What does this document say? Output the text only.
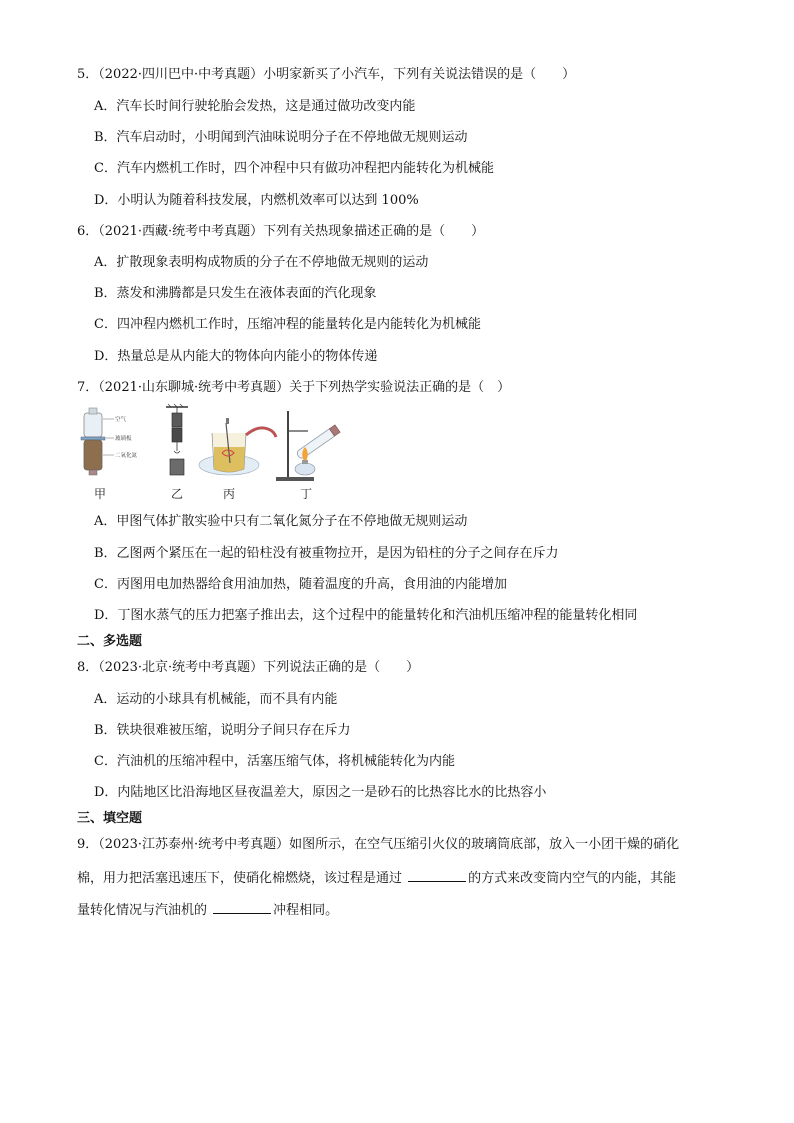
5．（2022·四川巴中·中考真题）小明家新买了小汽车，下列有关说法错误的是（　　）
A．汽车长时间行驶轮胎会发热，这是通过做功改变内能
B．汽车启动时，小明闻到汽油味说明分子在不停地做无规则运动
C．汽车内燃机工作时，四个冲程中只有做功冲程把内能转化为机械能
D．小明认为随着科技发展，内燃机效率可以达到 100%
6．（2021·西藏·统考中考真题）下列有关热现象描述正确的是（　　）
A．扩散现象表明构成物质的分子在不停地做无规则的运动
B．蒸发和沸腾都是只发生在液体表面的汽化现象
C．四冲程内燃机工作时，压缩冲程的能量转化是内能转化为机械能
D．热量总是从内能大的物体向内能小的物体传递
7．（2021·山东聊城·统考中考真题）关于下列热学实验说法正确的是（　）
空气
玻璃板
二氧化氮
甲	乙	丙	丁
A．甲图气体扩散实验中只有二氧化氮分子在不停地做无规则运动
B．乙图两个紧压在一起的铅柱没有被重物拉开，是因为铅柱的分子之间存在斥力
C．丙图用电加热器给食用油加热，随着温度的升高，食用油的内能增加
D．丁图水蒸气的压力把塞子推出去，这个过程中的能量转化和汽油机压缩冲程的能量转化相同
二、多选题
8．（2023·北京·统考中考真题）下列说法正确的是（　　）
A．运动的小球具有机械能，而不具有内能
B．铁块很难被压缩，说明分子间只存在斥力
C．汽油机的压缩冲程中，活塞压缩气体，将机械能转化为内能
D．内陆地区比沿海地区昼夜温差大，原因之一是砂石的比热容比水的比热容小
三、填空题
9．（2023·江苏泰州·统考中考真题）如图所示，在空气压缩引火仪的玻璃筒底部，放入一小团干燥的硝化
棉，用力把活塞迅速压下，使硝化棉燃烧，该过程是通过	的方式来改变筒内空气的内能，其能
量转化情况与汽油机的	冲程相同。
